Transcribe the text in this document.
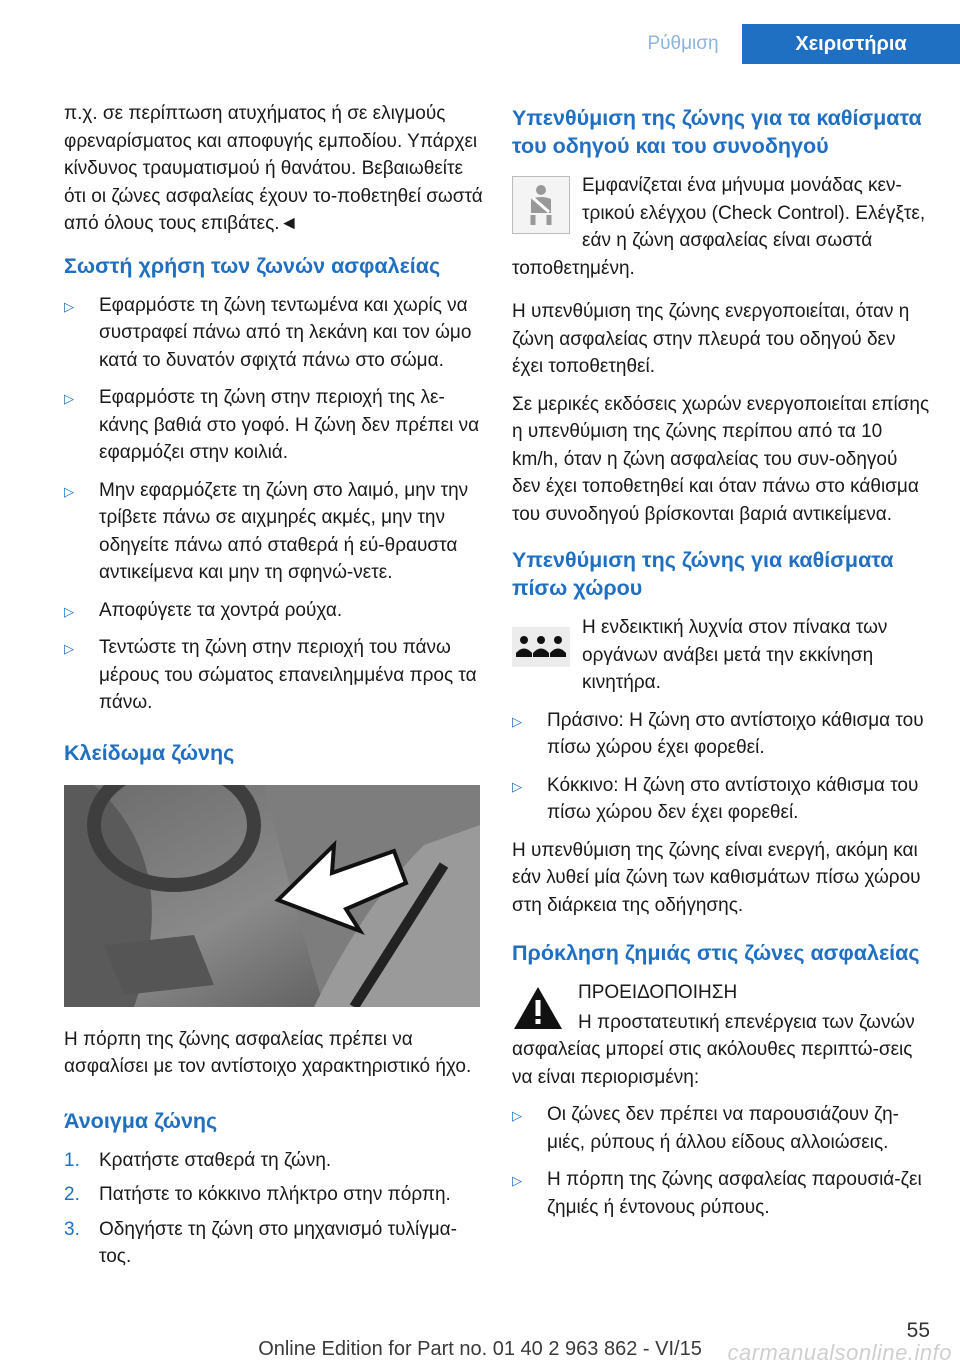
Ρύθμιση	Χειριστήρια

π.χ. σε περίπτωση ατυχήματος ή σε ελιγμούς φρεναρίσματος και αποφυγής εμποδίου. Υπάρχει κίνδυνος τραυματισμού ή θανάτου. Βεβαιωθείτε ότι οι ζώνες ασφαλείας έχουν το-ποθετηθεί σωστά από όλους τους επιβάτες.◄

Σωστή χρήση των ζωνών ασφαλείας
▷ Εφαρμόστε τη ζώνη τεντωμένα και χωρίς να συστραφεί πάνω από τη λεκάνη και τον ώμο κατά το δυνατόν σφιχτά πάνω στο σώμα.
▷ Εφαρμόστε τη ζώνη στην περιοχή της λε-κάνης βαθιά στο γοφό. Η ζώνη δεν πρέπει να εφαρμόζει στην κοιλιά.
▷ Μην εφαρμόζετε τη ζώνη στο λαιμό, μην την τρίβετε πάνω σε αιχμηρές ακμές, μην την οδηγείτε πάνω από σταθερά ή εύ-θραυστα αντικείμενα και μην τη σφηνώ-νετε.
▷ Αποφύγετε τα χοντρά ρούχα.
▷ Τεντώστε τη ζώνη στην περιοχή του πάνω μέρους του σώματος επανειλημμένα προς τα πάνω.
Κλείδωμα ζώνης

Η πόρπη της ζώνης ασφαλείας πρέπει να ασφαλίσει με τον αντίστοιχο χαρακτηριστικό ήχο.

Άνοιγμα ζώνης
1. Κρατήστε σταθερά τη ζώνη.
2. Πατήστε το κόκκινο πλήκτρο στην πόρπη.
3. Οδηγήστε τη ζώνη στο μηχανισμό τυλίγμα-τος.
Υπενθύμιση της ζώνης για τα καθίσματα του οδηγού και του συνοδηγού

Εμφανίζεται ένα μήνυμα μονάδας κεν-τρικού ελέγχου (Check Control). Ελέγξτε, εάν η ζώνη ασφαλείας είναι σωστά τοποθετημένη.

Η υπενθύμιση της ζώνης ενεργοποιείται, όταν η ζώνη ασφαλείας στην πλευρά του οδηγού δεν έχει τοποθετηθεί.

Σε μερικές εκδόσεις χωρών ενεργοποιείται επίσης η υπενθύμιση της ζώνης περίπου από τα 10 km/h, όταν η ζώνη ασφαλείας του συν-οδηγού δεν έχει τοποθετηθεί και όταν πάνω στο κάθισμα του συνοδηγού βρίσκονται βαριά αντικείμενα.

Υπενθύμιση της ζώνης για καθίσματα πίσω χώρου

Η ενδεικτική λυχνία στον πίνακα των οργάνων ανάβει μετά την εκκίνηση κινητήρα.

▷ Πράσινο: Η ζώνη στο αντίστοιχο κάθισμα του πίσω χώρου έχει φορεθεί.
▷ Κόκκινο: Η ζώνη στο αντίστοιχο κάθισμα του πίσω χώρου δεν έχει φορεθεί.

Η υπενθύμιση της ζώνης είναι ενεργή, ακόμη και εάν λυθεί μία ζώνη των καθισμάτων πίσω χώρου στη διάρκεια της οδήγησης.

Πρόκληση ζημιάς στις ζώνες ασφαλείας

ΠΡΟΕΙΔΟΠΟΙΗΣΗ

Η προστατευτική επενέργεια των ζωνών ασφαλείας μπορεί στις ακόλουθες περιπτώ-σεις να είναι περιορισμένη:

▷ Οι ζώνες δεν πρέπει να παρουσιάζουν ζη-μιές, ρύπους ή άλλου είδους αλλοιώσεις.
▷ Η πόρπη της ζώνης ασφαλείας παρουσιά-ζει ζημιές ή έντονους ρύπους.
55
Online Edition for Part no. 01 40 2 963 862 - VI/15	carmanualsonline.info
